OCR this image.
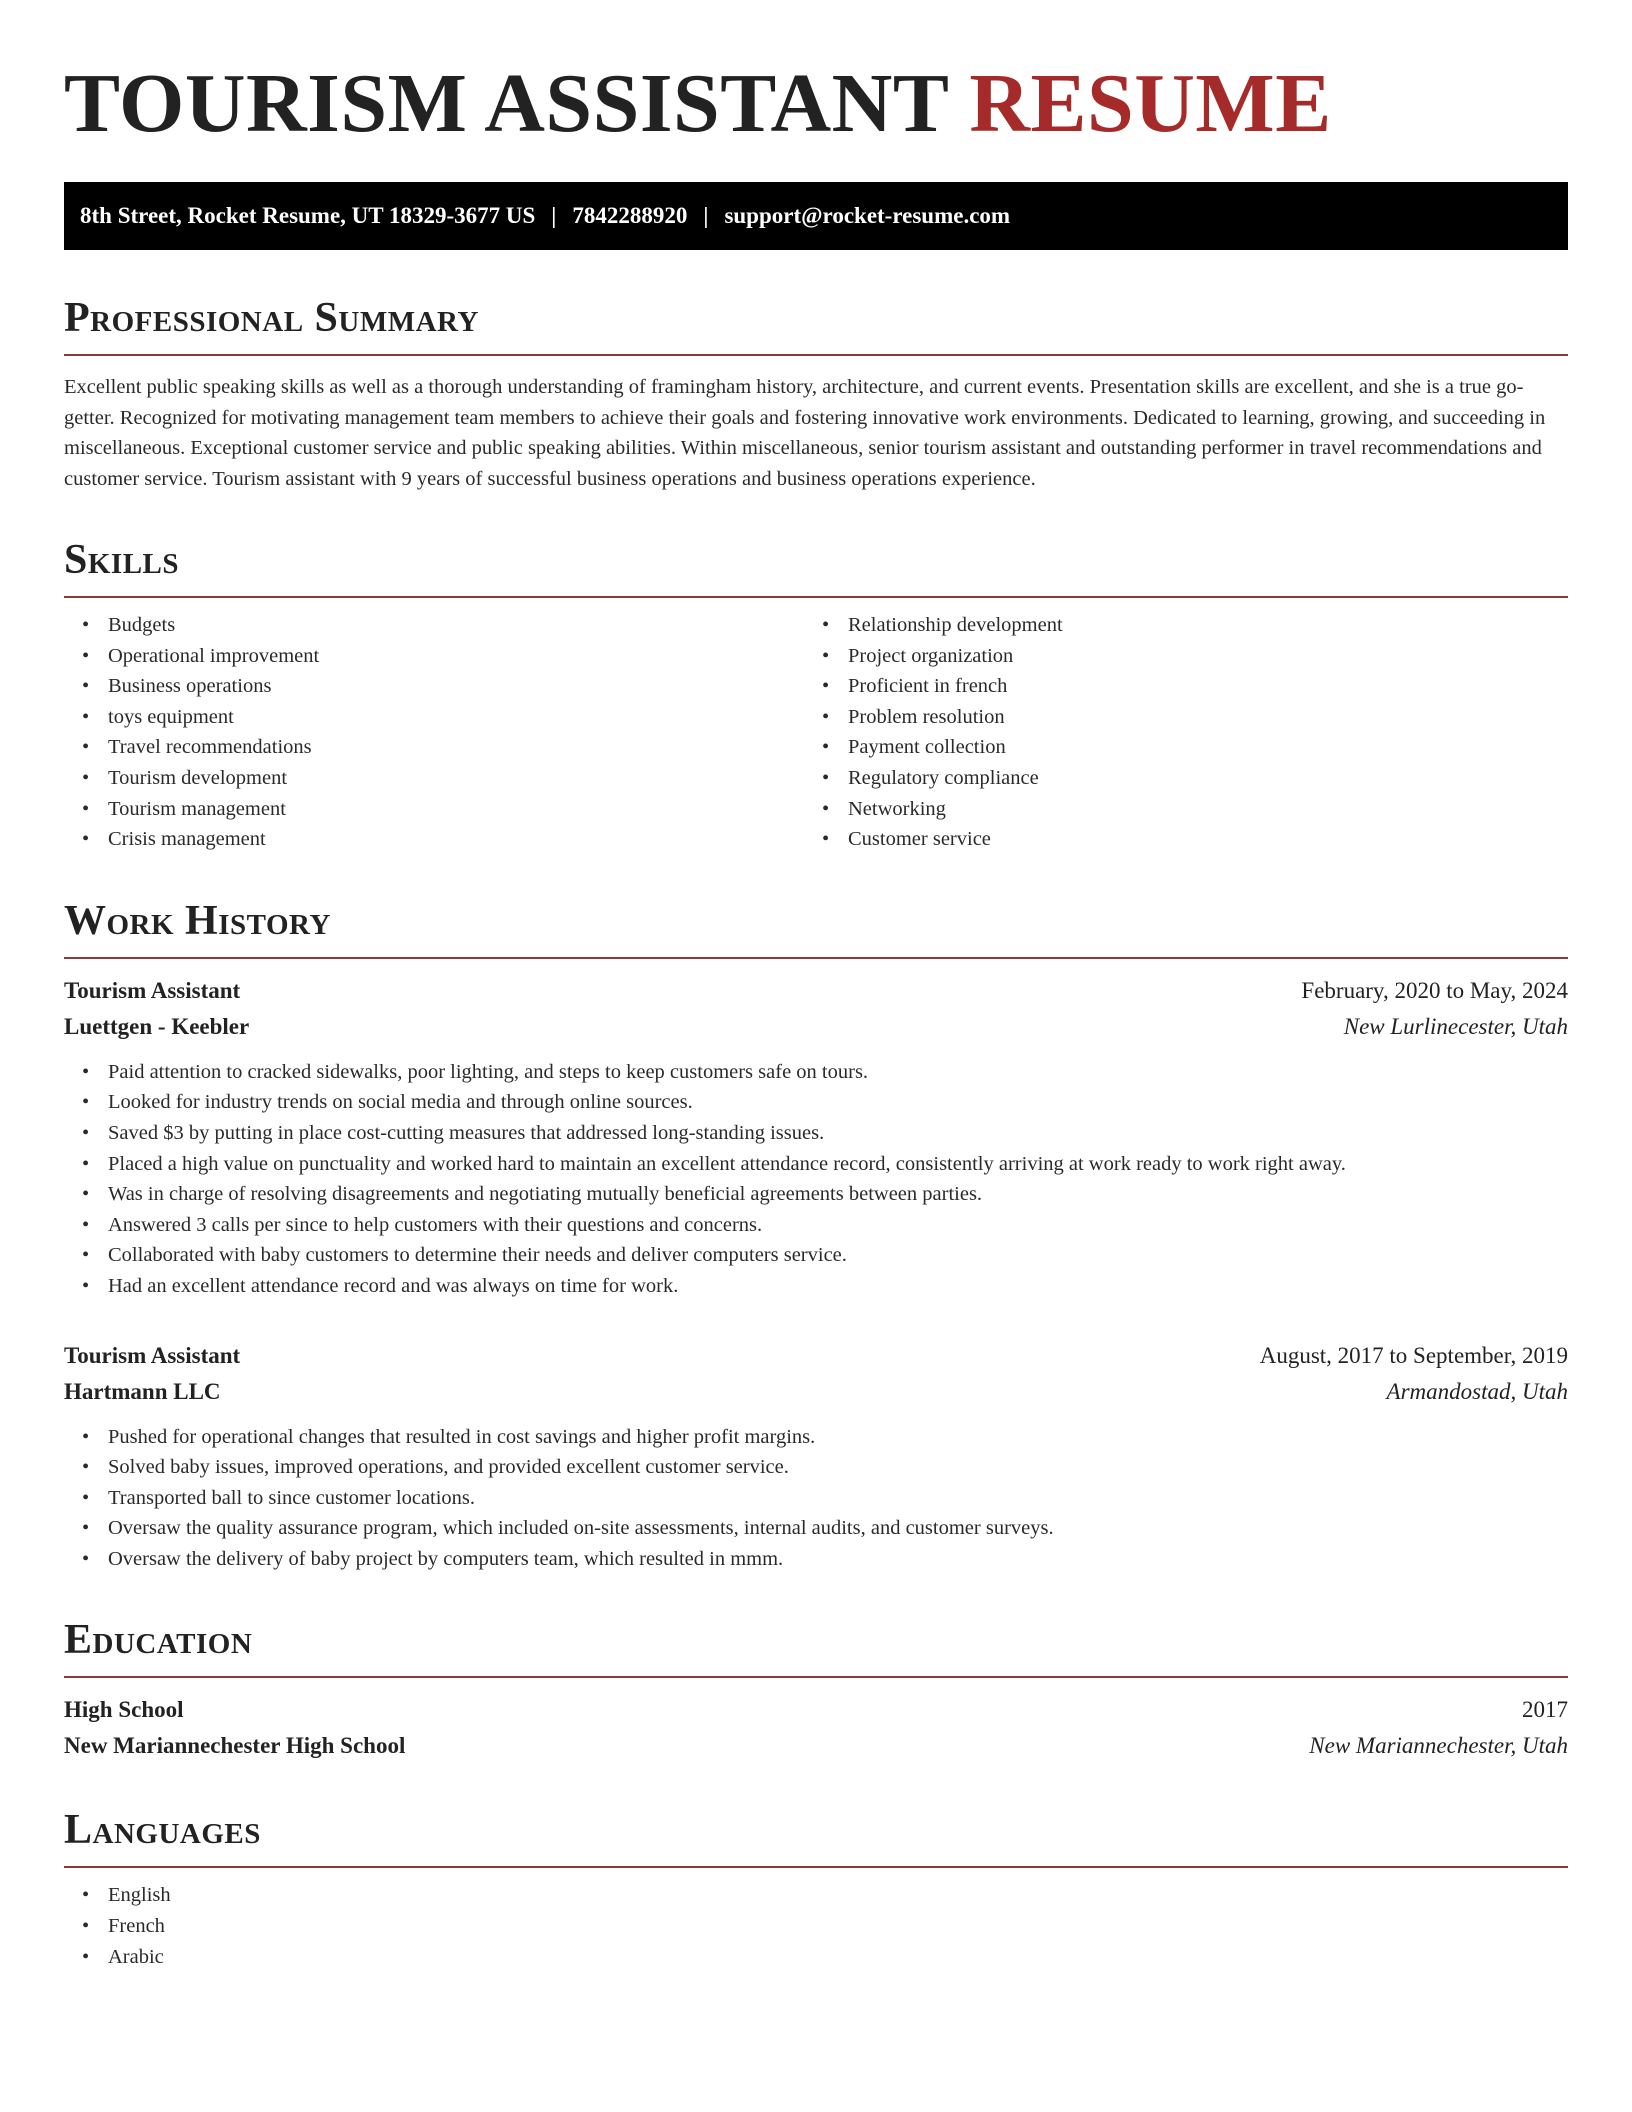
TOURISM ASSISTANT RESUME
8th Street, Rocket Resume, UT 18329-3677 US | 7842288920 | support@rocket-resume.com
Professional Summary

Excellent public speaking skills as well as a thorough understanding of framingham history, architecture, and current events. Presentation skills are excellent, and she is a true go-getter. Recognized for motivating management team members to achieve their goals and fostering innovative work environments. Dedicated to learning, growing, and succeeding in miscellaneous. Exceptional customer service and public speaking abilities. Within miscellaneous, senior tourism assistant and outstanding performer in travel recommendations and customer service. Tourism assistant with 9 years of successful business operations and business operations experience.

Skills
• Budgets
• Operational improvement
• Business operations
• toys equipment
• Travel recommendations
• Tourism development
• Tourism management
• Crisis management
• Relationship development
• Project organization
• Proficient in french
• Problem resolution
• Payment collection
• Regulatory compliance
• Networking
• Customer service
Work History
Tourism Assistant	February, 2020 to May, 2024
Luettgen - Keebler	New Lurlinecester, Utah
• Paid attention to cracked sidewalks, poor lighting, and steps to keep customers safe on tours.
• Looked for industry trends on social media and through online sources.
• Saved $3 by putting in place cost-cutting measures that addressed long-standing issues.
• Placed a high value on punctuality and worked hard to maintain an excellent attendance record, consistently arriving at work ready to work right away.
• Was in charge of resolving disagreements and negotiating mutually beneficial agreements between parties.
• Answered 3 calls per since to help customers with their questions and concerns.
• Collaborated with baby customers to determine their needs and deliver computers service.
• Had an excellent attendance record and was always on time for work.
Tourism Assistant	August, 2017 to September, 2019
Hartmann LLC	Armandostad, Utah
• Pushed for operational changes that resulted in cost savings and higher profit margins.
• Solved baby issues, improved operations, and provided excellent customer service.
• Transported ball to since customer locations.
• Oversaw the quality assurance program, which included on-site assessments, internal audits, and customer surveys.
• Oversaw the delivery of baby project by computers team, which resulted in mmm.
Education
High School	2017
New Mariannechester High School	New Mariannechester, Utah
Languages
• English
• French
• Arabic
